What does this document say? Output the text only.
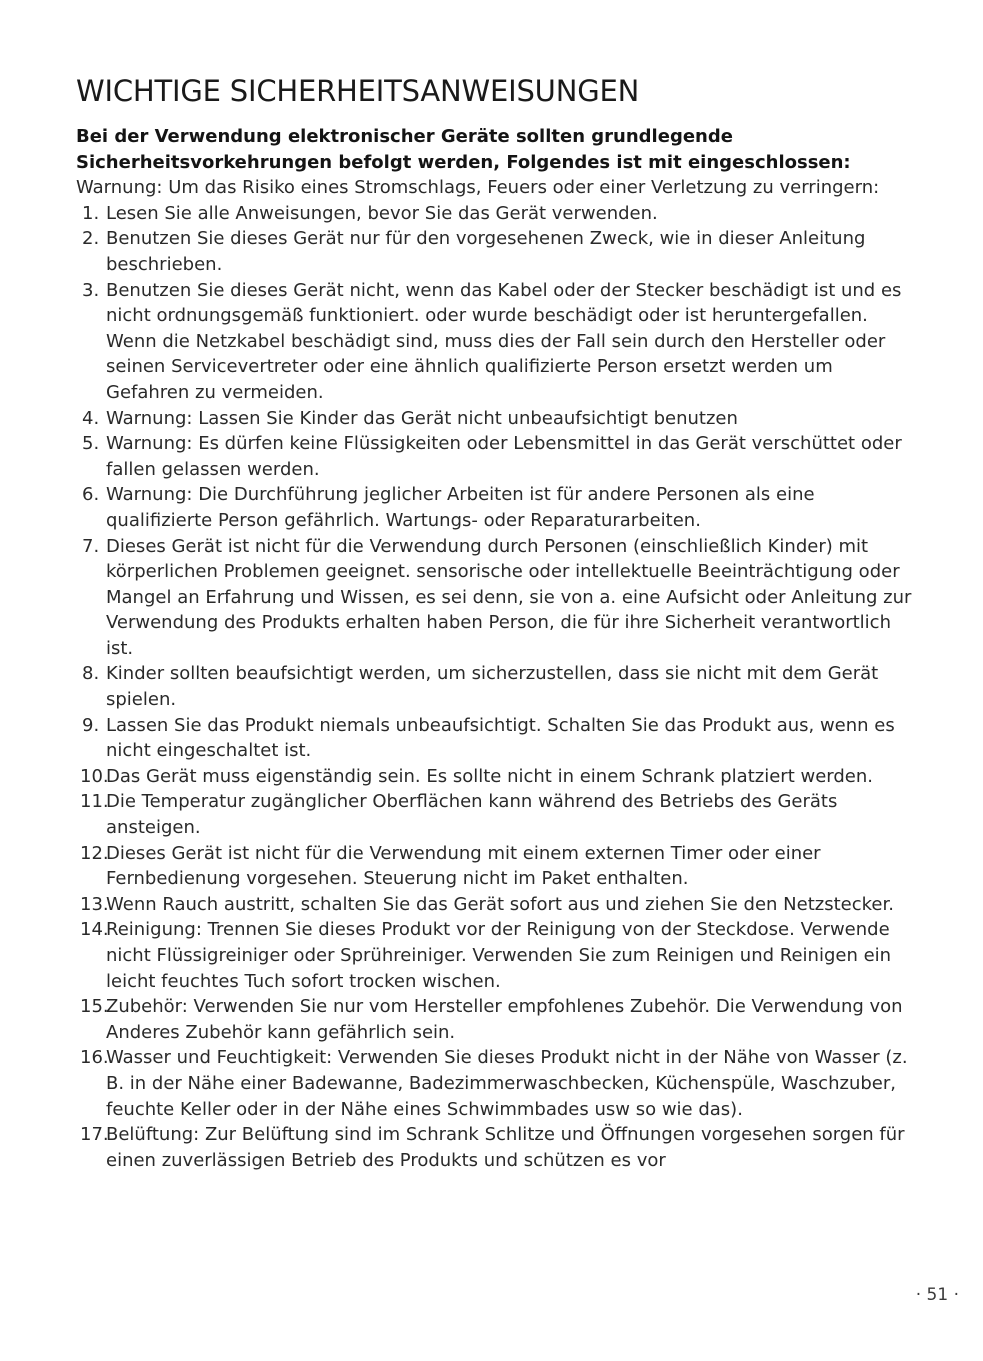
WICHTIGE SICHERHEITSANWEISUNGEN

Bei der Verwendung elektronischer Geräte sollten grundlegende Sicherheitsvorkehrungen befolgt werden, Folgendes ist mit eingeschlossen:

Warnung: Um das Risiko eines Stromschlags, Feuers oder einer Verletzung zu verringern:

1. Lesen Sie alle Anweisungen, bevor Sie das Gerät verwenden.
2. Benutzen Sie dieses Gerät nur für den vorgesehenen Zweck, wie in dieser Anleitung beschrieben.
3. Benutzen Sie dieses Gerät nicht, wenn das Kabel oder der Stecker beschädigt ist und es nicht ordnungsgemäß funktioniert. oder wurde beschädigt oder ist heruntergefallen. Wenn die Netzkabel beschädigt sind, muss dies der Fall sein durch den Hersteller oder seinen Servicevertreter oder eine ähnlich qualifizierte Person ersetzt werden um Gefahren zu vermeiden.
4. Warnung: Lassen Sie Kinder das Gerät nicht unbeaufsichtigt benutzen
5. Warnung: Es dürfen keine Flüssigkeiten oder Lebensmittel in das Gerät verschüttet oder fallen gelassen werden.
6. Warnung: Die Durchführung jeglicher Arbeiten ist für andere Personen als eine qualifizierte Person gefährlich. Wartungs- oder Reparaturarbeiten.
7. Dieses Gerät ist nicht für die Verwendung durch Personen (einschließlich Kinder) mit körperlichen Problemen geeignet. sensorische oder intellektuelle Beeinträchtigung oder Mangel an Erfahrung und Wissen, es sei denn, sie von a. eine Aufsicht oder Anleitung zur Verwendung des Produkts erhalten haben Person, die für ihre Sicherheit verantwortlich ist.
8. Kinder sollten beaufsichtigt werden, um sicherzustellen, dass sie nicht mit dem Gerät spielen.
9. Lassen Sie das Produkt niemals unbeaufsichtigt. Schalten Sie das Produkt aus, wenn es nicht eingeschaltet ist.
10.
Das Gerät muss eigenständig sein. Es sollte nicht in einem Schrank platziert werden.
11.
Die Temperatur zugänglicher Oberflächen kann während des Betriebs des Geräts ansteigen.
12.
Dieses Gerät ist nicht für die Verwendung mit einem externen Timer oder einer Fernbedienung vorgesehen. Steuerung nicht im Paket enthalten.
13.
Wenn Rauch austritt, schalten Sie das Gerät sofort aus und ziehen Sie den Netzstecker.
14.
Reinigung: Trennen Sie dieses Produkt vor der Reinigung von der Steckdose. Verwende nicht Flüssigreiniger oder Sprühreiniger. Verwenden Sie zum Reinigen und Reinigen ein leicht feuchtes Tuch sofort trocken wischen.
15.
Zubehör: Verwenden Sie nur vom Hersteller empfohlenes Zubehör. Die Verwendung von Anderes Zubehör kann gefährlich sein.
16.
Wasser und Feuchtigkeit: Verwenden Sie dieses Produkt nicht in der Nähe von Wasser (z. B. in der Nähe einer Badewanne, Badezimmerwaschbecken, Küchenspüle, Waschzuber, feuchte Keller oder in der Nähe eines Schwimmbades usw so wie das).
17.
Belüftung: Zur Belüftung sind im Schrank Schlitze und Öffnungen vorgesehen sorgen für einen zuverlässigen Betrieb des Produkts und schützen es vor
· 51 ·
